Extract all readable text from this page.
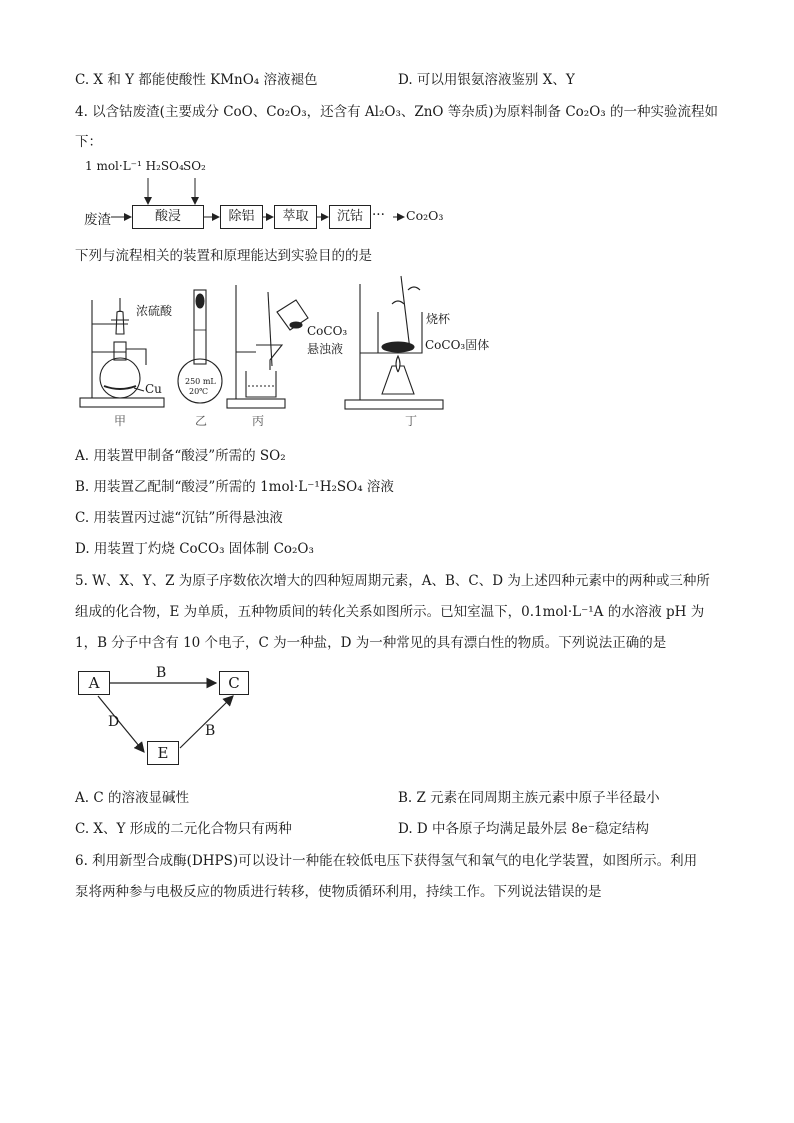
C. X 和 Y 都能使酸性 KMnO₄ 溶液褪色	D. 可以用银氨溶液鉴别 X、Y
4. 以含钴废渣(主要成分 CoO、Co₂O₃，还含有 Al₂O₃、ZnO 等杂质)为原料制备 Co₂O₃ 的一种实验流程如
下：
1 mol·L⁻¹ H₂SO₄ SO₂
废渣	酸浸	除铝	萃取	沉钴 ··· Co₂O₃
下列与流程相关的装置和原理能达到实验目的的是
浓硫酸
Cu
250 mL
20℃
CoCO₃
悬浊液
烧杯
CoCO₃固体
甲	乙	丙	丁
A. 用装置甲制备“酸浸”所需的 SO₂
B. 用装置乙配制“酸浸”所需的 1mol·L⁻¹H₂SO₄ 溶液
C. 用装置丙过滤“沉钴”所得悬浊液
D. 用装置丁灼烧 CoCO₃ 固体制 Co₂O₃
5. W、X、Y、Z 为原子序数依次增大的四种短周期元素，A、B、C、D 为上述四种元素中的两种或三种所
组成的化合物，E 为单质，五种物质间的转化关系如图所示。已知室温下，0.1mol·L⁻¹A 的水溶液 pH 为
1，B 分子中含有 10 个电子，C 为一种盐，D 为一种常见的具有漂白性的物质。下列说法正确的是
A	C
E
B
D
B
A. C 的溶液显碱性	B. Z 元素在同周期主族元素中原子半径最小
C. X、Y 形成的二元化合物只有两种	D. D 中各原子均满足最外层 8e⁻稳定结构
6. 利用新型合成酶(DHPS)可以设计一种能在较低电压下获得氢气和氧气的电化学装置，如图所示。利用
泵将两种参与电极反应的物质进行转移，使物质循环利用，持续工作。下列说法错误的是
